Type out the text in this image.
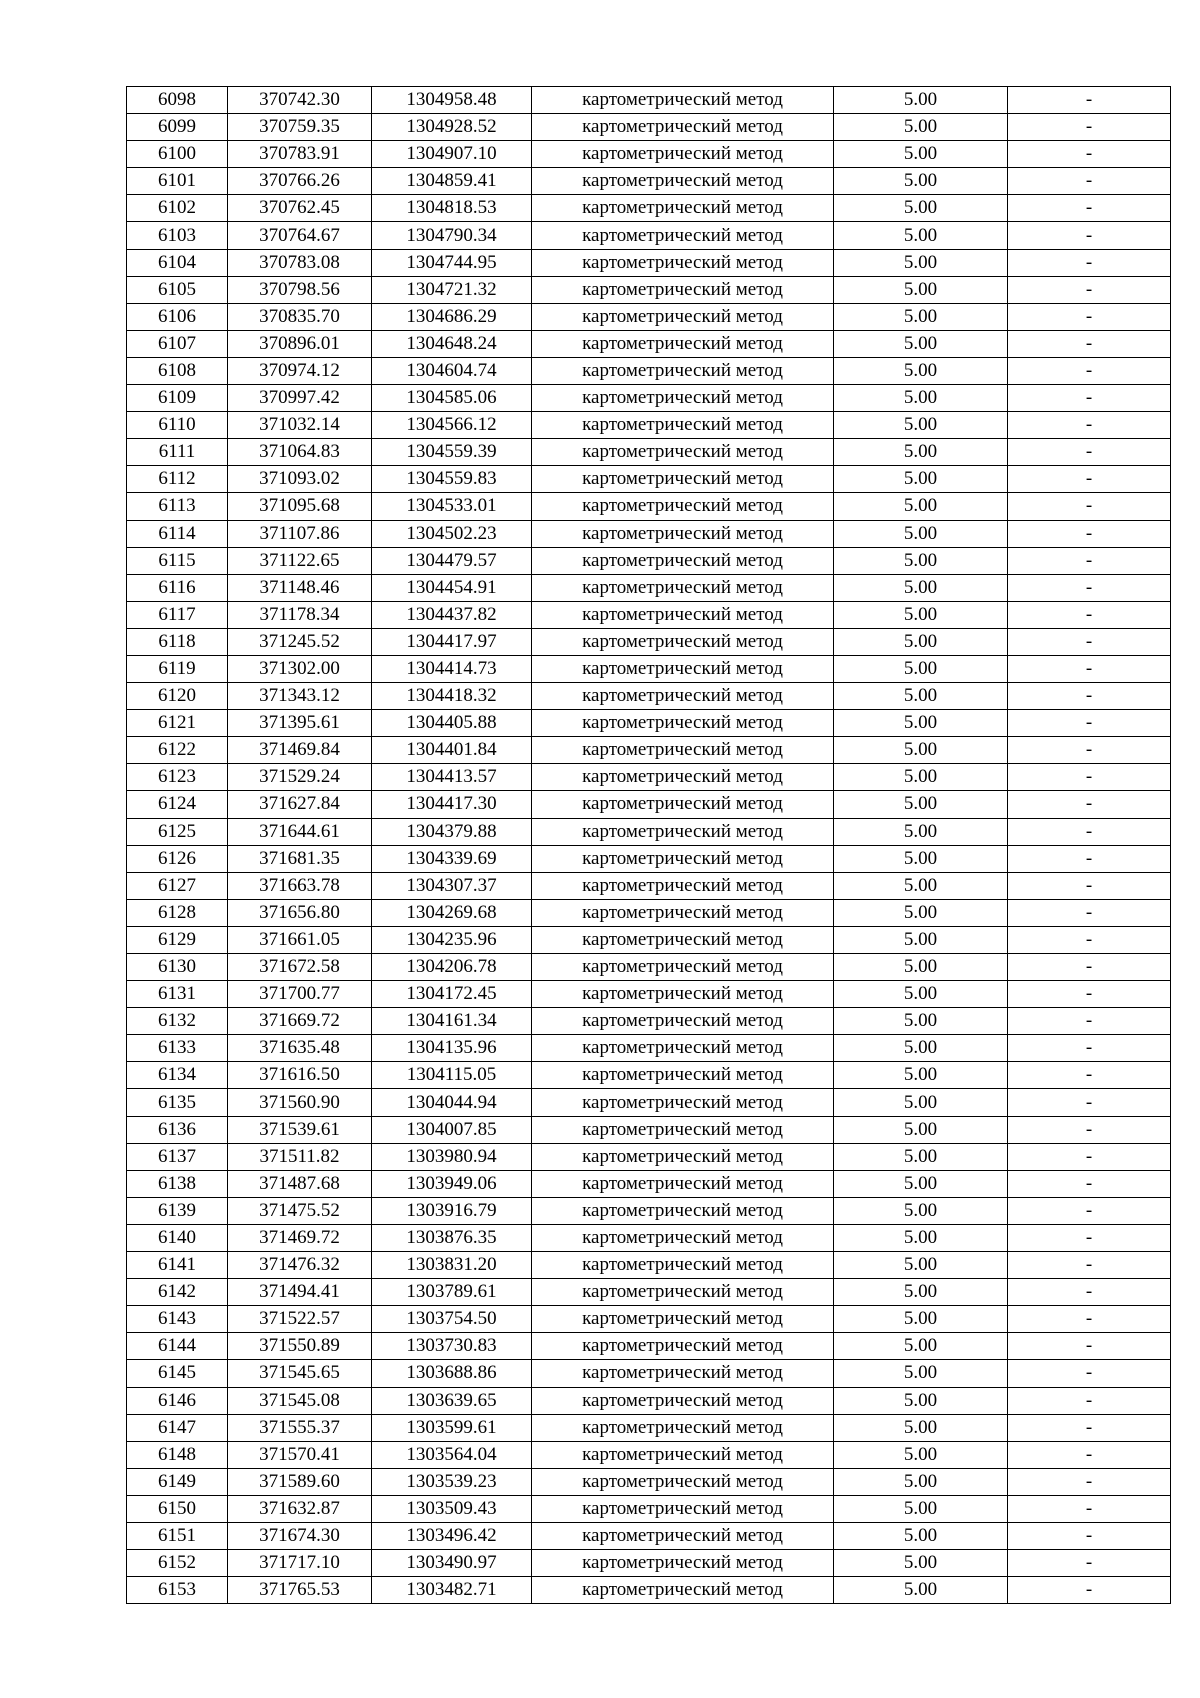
6098	370742.30	1304958.48	картометрический метод	5.00	-
6099	370759.35	1304928.52	картометрический метод	5.00	-
6100	370783.91	1304907.10	картометрический метод	5.00	-
6101	370766.26	1304859.41	картометрический метод	5.00	-
6102	370762.45	1304818.53	картометрический метод	5.00	-
6103	370764.67	1304790.34	картометрический метод	5.00	-
6104	370783.08	1304744.95	картометрический метод	5.00	-
6105	370798.56	1304721.32	картометрический метод	5.00	-
6106	370835.70	1304686.29	картометрический метод	5.00	-
6107	370896.01	1304648.24	картометрический метод	5.00	-
6108	370974.12	1304604.74	картометрический метод	5.00	-
6109	370997.42	1304585.06	картометрический метод	5.00	-
6110	371032.14	1304566.12	картометрический метод	5.00	-
6111	371064.83	1304559.39	картометрический метод	5.00	-
6112	371093.02	1304559.83	картометрический метод	5.00	-
6113	371095.68	1304533.01	картометрический метод	5.00	-
6114	371107.86	1304502.23	картометрический метод	5.00	-
6115	371122.65	1304479.57	картометрический метод	5.00	-
6116	371148.46	1304454.91	картометрический метод	5.00	-
6117	371178.34	1304437.82	картометрический метод	5.00	-
6118	371245.52	1304417.97	картометрический метод	5.00	-
6119	371302.00	1304414.73	картометрический метод	5.00	-
6120	371343.12	1304418.32	картометрический метод	5.00	-
6121	371395.61	1304405.88	картометрический метод	5.00	-
6122	371469.84	1304401.84	картометрический метод	5.00	-
6123	371529.24	1304413.57	картометрический метод	5.00	-
6124	371627.84	1304417.30	картометрический метод	5.00	-
6125	371644.61	1304379.88	картометрический метод	5.00	-
6126	371681.35	1304339.69	картометрический метод	5.00	-
6127	371663.78	1304307.37	картометрический метод	5.00	-
6128	371656.80	1304269.68	картометрический метод	5.00	-
6129	371661.05	1304235.96	картометрический метод	5.00	-
6130	371672.58	1304206.78	картометрический метод	5.00	-
6131	371700.77	1304172.45	картометрический метод	5.00	-
6132	371669.72	1304161.34	картометрический метод	5.00	-
6133	371635.48	1304135.96	картометрический метод	5.00	-
6134	371616.50	1304115.05	картометрический метод	5.00	-
6135	371560.90	1304044.94	картометрический метод	5.00	-
6136	371539.61	1304007.85	картометрический метод	5.00	-
6137	371511.82	1303980.94	картометрический метод	5.00	-
6138	371487.68	1303949.06	картометрический метод	5.00	-
6139	371475.52	1303916.79	картометрический метод	5.00	-
6140	371469.72	1303876.35	картометрический метод	5.00	-
6141	371476.32	1303831.20	картометрический метод	5.00	-
6142	371494.41	1303789.61	картометрический метод	5.00	-
6143	371522.57	1303754.50	картометрический метод	5.00	-
6144	371550.89	1303730.83	картометрический метод	5.00	-
6145	371545.65	1303688.86	картометрический метод	5.00	-
6146	371545.08	1303639.65	картометрический метод	5.00	-
6147	371555.37	1303599.61	картометрический метод	5.00	-
6148	371570.41	1303564.04	картометрический метод	5.00	-
6149	371589.60	1303539.23	картометрический метод	5.00	-
6150	371632.87	1303509.43	картометрический метод	5.00	-
6151	371674.30	1303496.42	картометрический метод	5.00	-
6152	371717.10	1303490.97	картометрический метод	5.00	-
6153	371765.53	1303482.71	картометрический метод	5.00	-
